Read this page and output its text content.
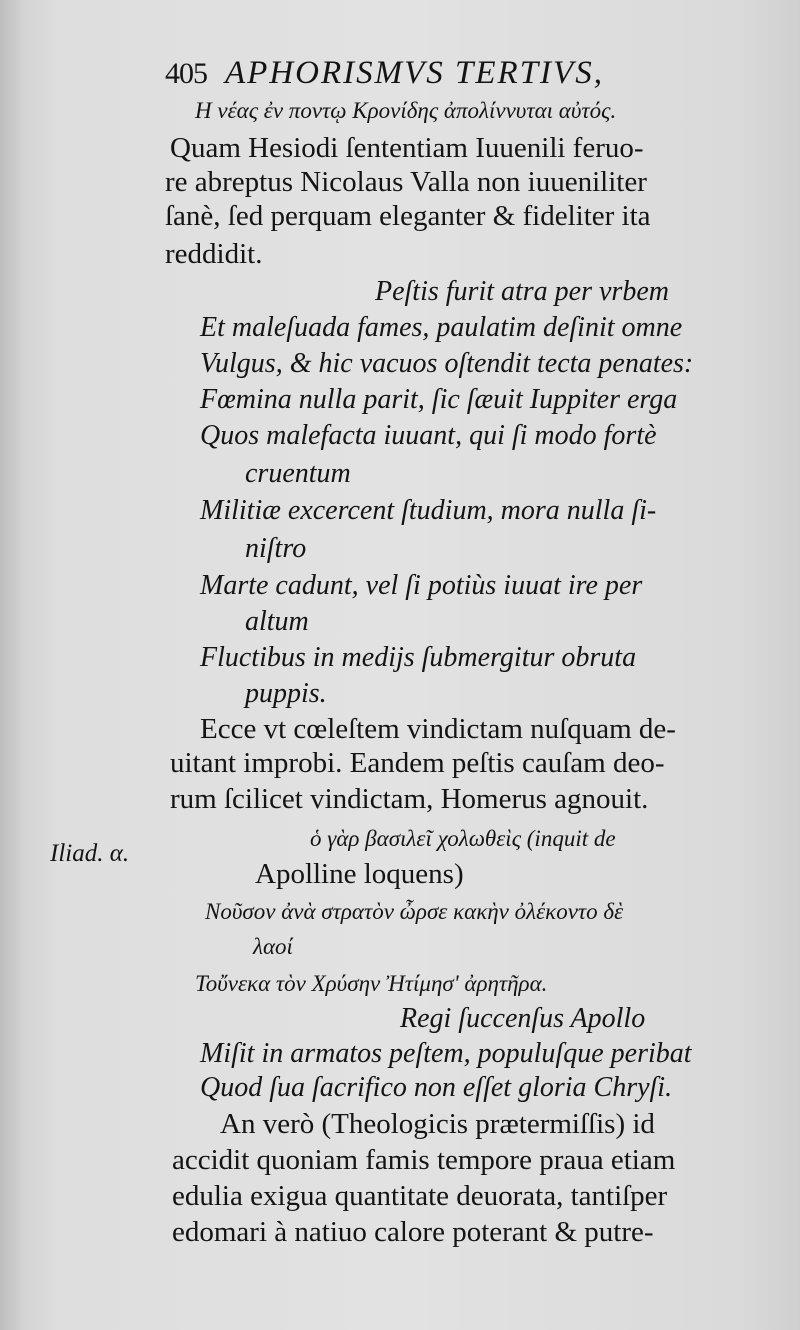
405 APHORISMVS TERTIVS,
Iliad. α.
Η νέας ἐν ποντῳ Κρονίδης ἀπολίννυται αὐτός.
Quam Hesiodi ſententiam Iuuenili feruo-
re abreptus Nicolaus Valla non iuueniliter
ſanè, ſed perquam eleganter & fideliter ita
reddidit.
Peſtis furit atra per vrbem
Et maleſuada fames, paulatim deſinit omne
Vulgus, & hic vacuos oſtendit tecta penates:
Fœmina nulla parit, ſic ſæuit Iuppiter erga
Quos malefacta iuuant, qui ſi modo fortè
cruentum
Militiæ excercent ſtudium, mora nulla ſi-
niſtro
Marte cadunt, vel ſi potiùs iuuat ire per
altum
Fluctibus in medijs ſubmergitur obruta
puppis.
Ecce vt cœleſtem vindictam nuſquam de-
uitant improbi. Eandem peſtis cauſam deo-
rum ſcilicet vindictam, Homerus agnouit.
ὁ γὰρ βασιλεῖ χολωθεὶς (inquit de
Apolline loquens)
Νοῦσον ἀνὰ στρατὸν ὦρσε κακὴν ὀλέκοντο δὲ
λαοί
Τοὔνεκα τὸν Χρύσην Ἠτίμησ' ἀρητῆρα.
Regi ſuccenſus Apollo
Miſit in armatos peſtem, populuſque peribat
Quod ſua ſacrifico non eſſet gloria Chryſi.
An verò (Theologicis prætermiſſis) id
accidit quoniam famis tempore praua etiam
edulia exigua quantitate deuorata, tantiſper
edomari à natiuo calore poterant & putre-
